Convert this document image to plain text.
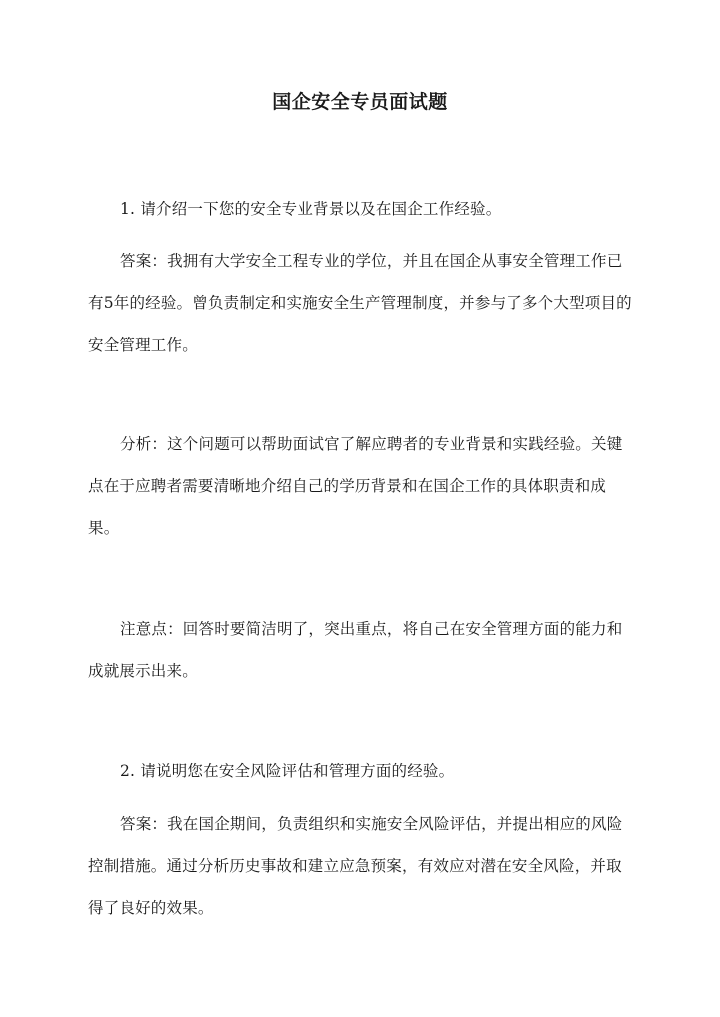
国企安全专员面试题

1. 请介绍一下您的安全专业背景以及在国企工作经验。

答案：我拥有大学安全工程专业的学位，并且在国企从事安全管理工作已有5年的经验。曾负责制定和实施安全生产管理制度，并参与了多个大型项目的安全管理工作。

分析：这个问题可以帮助面试官了解应聘者的专业背景和实践经验。关键点在于应聘者需要清晰地介绍自己的学历背景和在国企工作的具体职责和成果。

注意点：回答时要简洁明了，突出重点，将自己在安全管理方面的能力和成就展示出来。

2. 请说明您在安全风险评估和管理方面的经验。

答案：我在国企期间，负责组织和实施安全风险评估，并提出相应的风险控制措施。通过分析历史事故和建立应急预案，有效应对潜在安全风险，并取得了良好的效果。
